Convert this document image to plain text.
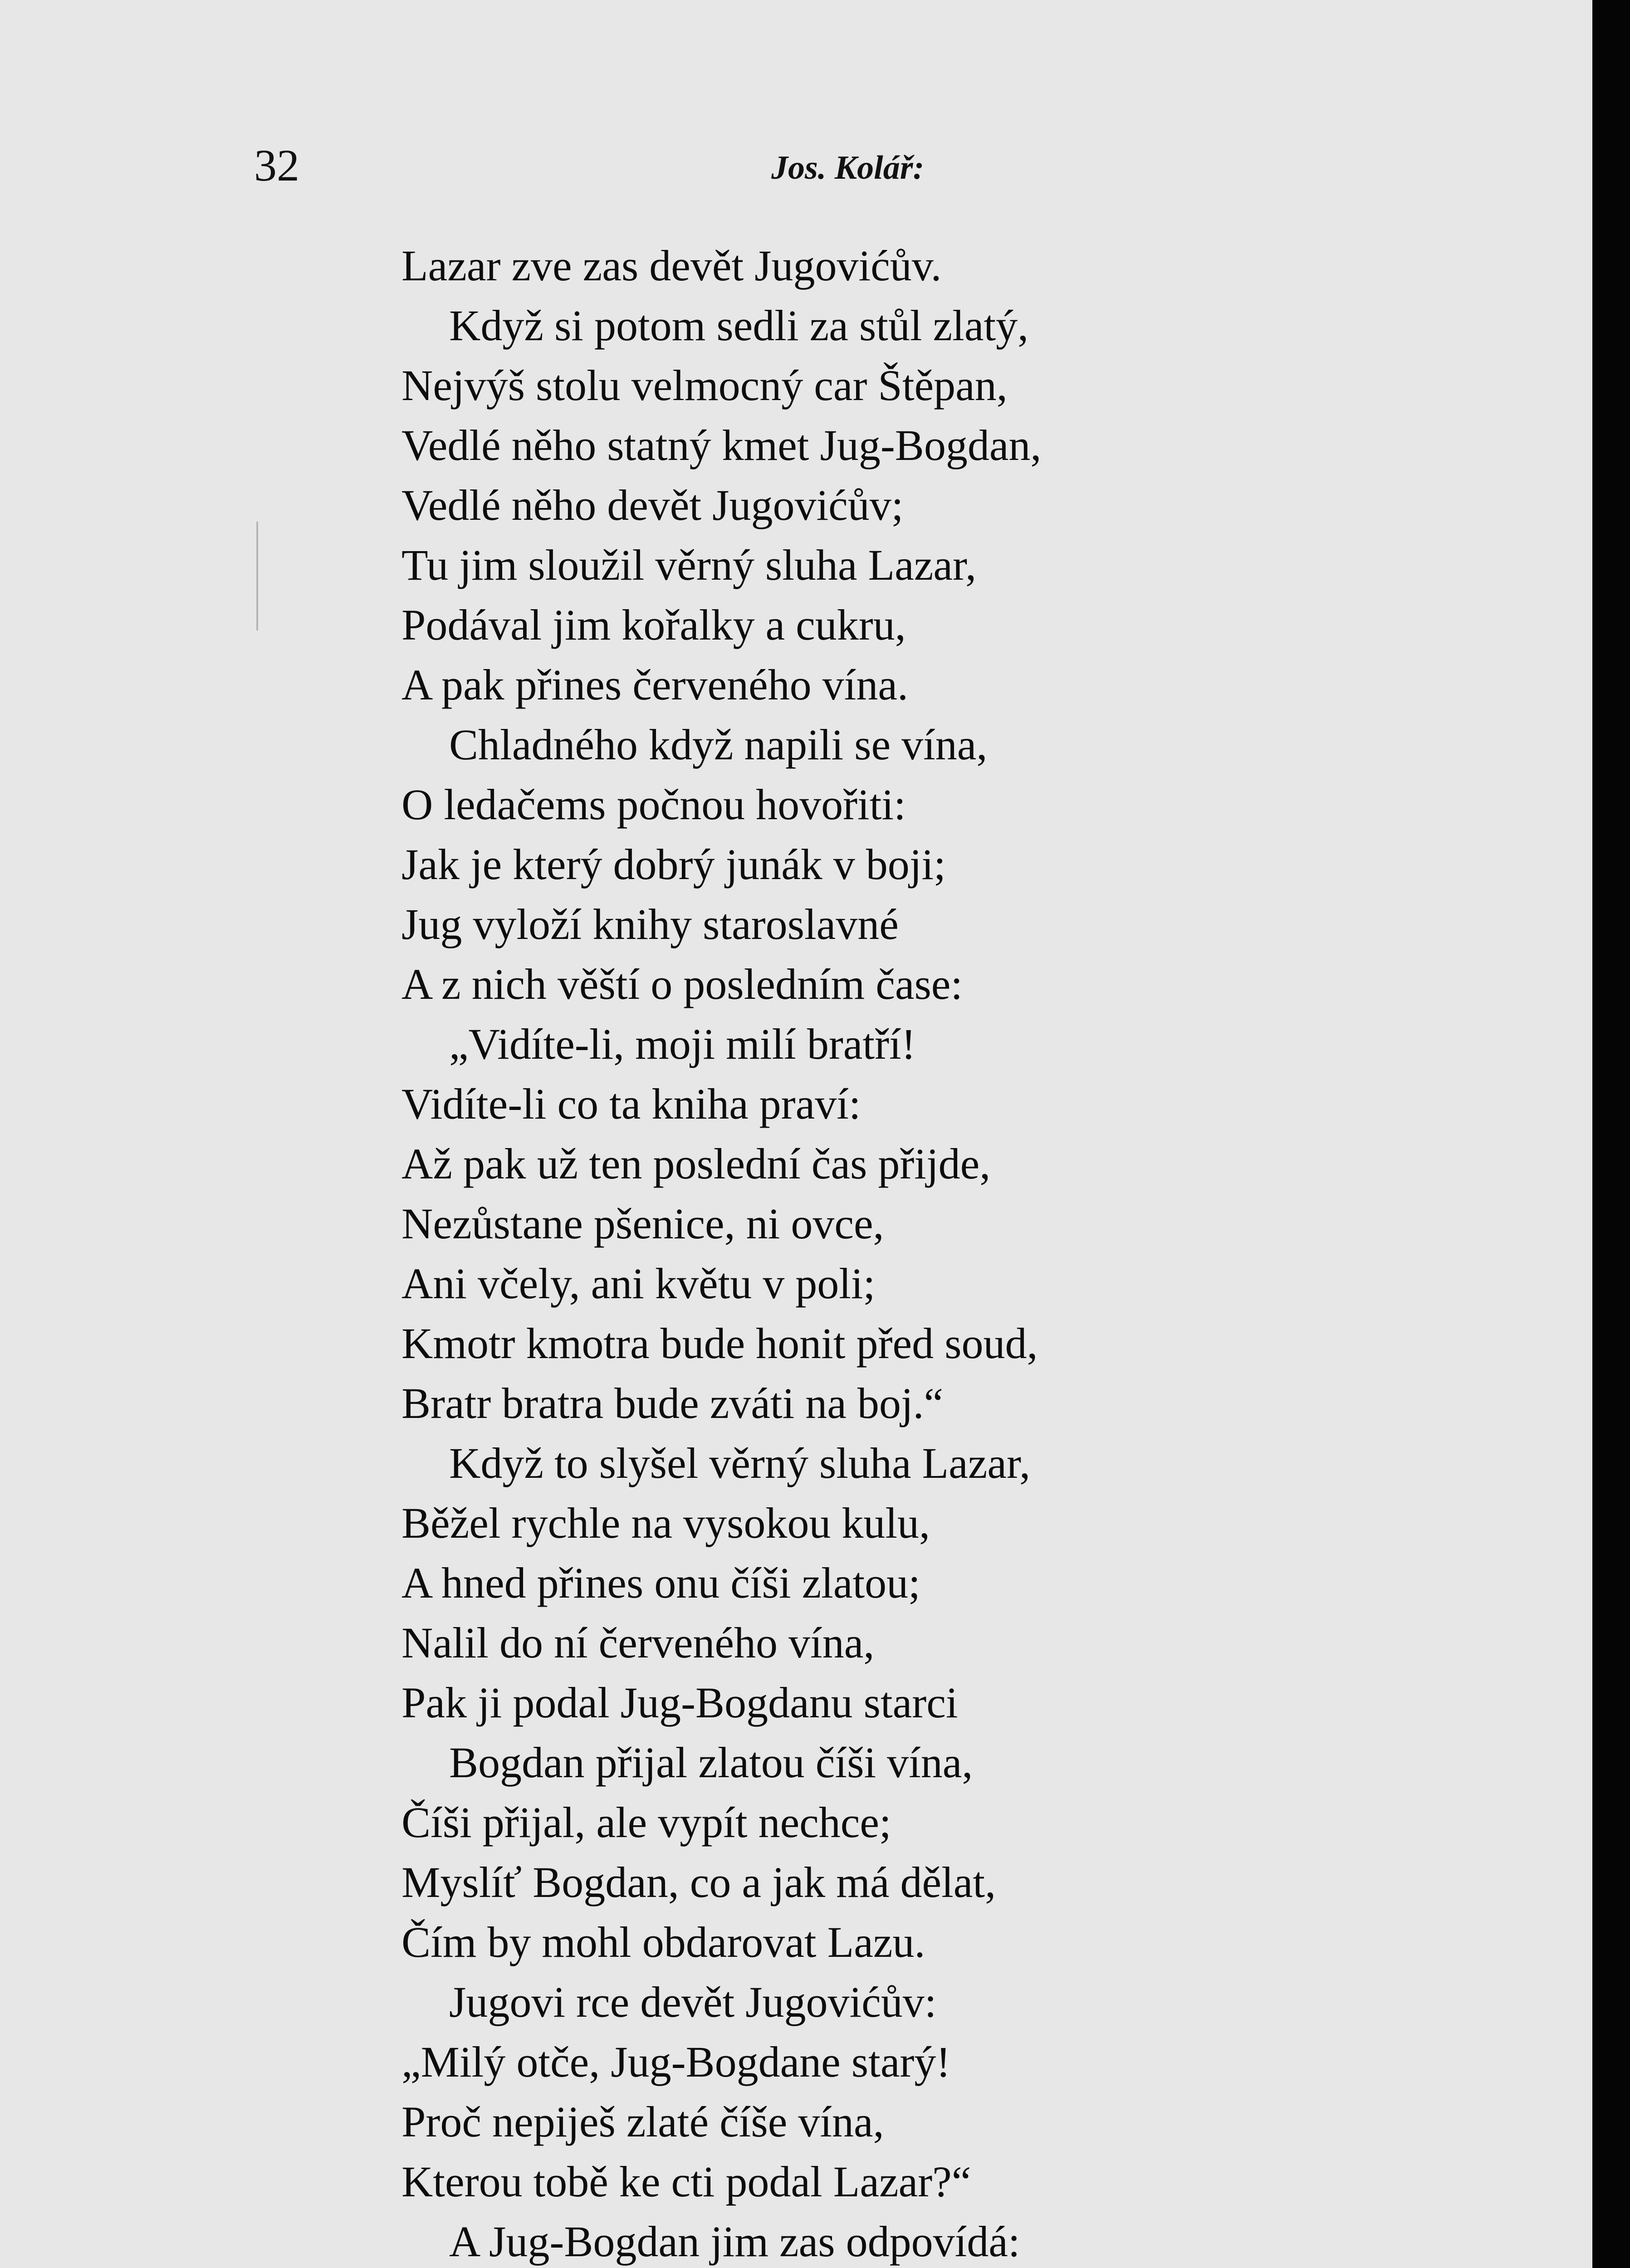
32	Jos. Kolář:
Lazar zve zas devět Jugovićův.
Když si potom sedli za stůl zlatý,
Nejvýš stolu velmocný car Štěpan,
Vedlé něho statný kmet Jug-Bogdan,
Vedlé něho devět Jugovićův;
Tu jim sloužil věrný sluha Lazar,
Podával jim kořalky a cukru,
A pak přines červeného vína.
Chladného když napili se vína,
O ledačems počnou hovořiti:
Jak je který dobrý junák v boji;
Jug vyloží knihy staroslavné
A z nich věští o posledním čase:
„Vidíte-li, moji milí bratří!
Vidíte-li co ta kniha praví:
Až pak už ten poslední čas přijde,
Nezůstane pšenice, ni ovce,
Ani včely, ani květu v poli;
Kmotr kmotra bude honit před soud,
Bratr bratra bude zváti na boj.“
Když to slyšel věrný sluha Lazar,
Běžel rychle na vysokou kulu,
A hned přines onu číši zlatou;
Nalil do ní červeného vína,
Pak ji podal Jug-Bogdanu starci
Bogdan přijal zlatou číši vína,
Číši přijal, ale vypít nechce;
Myslíť Bogdan, co a jak má dělat,
Čím by mohl obdarovat Lazu.
Jugovi rce devět Jugovićův:
„Milý otče, Jug-Bogdane starý!
Proč nepiješ zlaté číše vína,
Kterou tobě ke cti podal Lazar?“
A Jug-Bogdan jim zas odpovídá:
